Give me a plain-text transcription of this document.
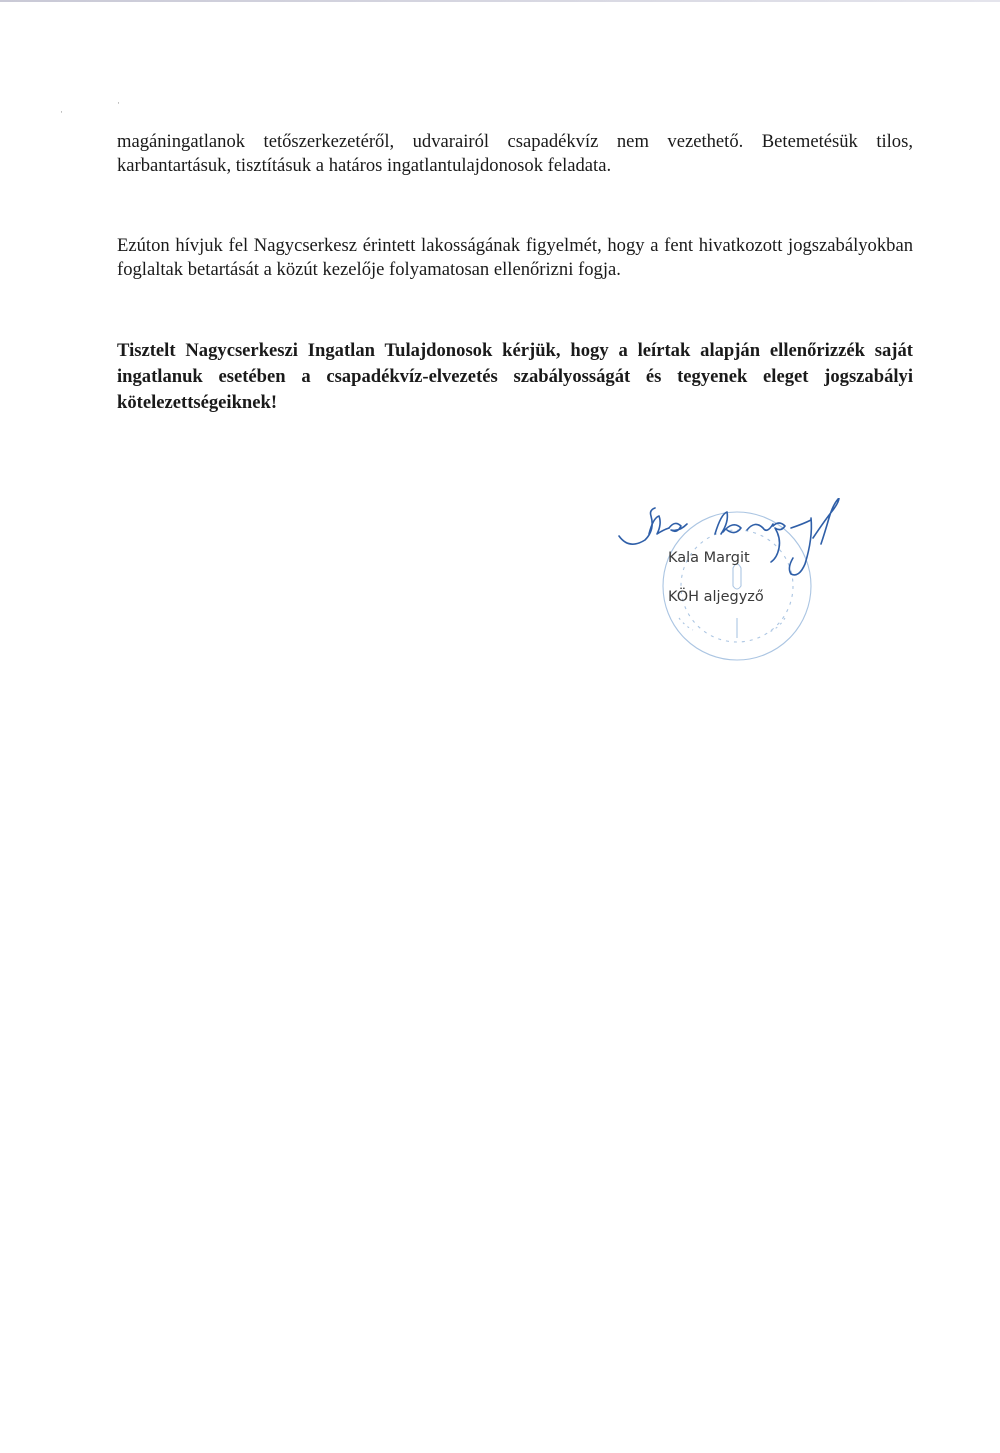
·
·

magáningatlanok tetőszerkezetéről, udvarairól csapadékvíz nem vezethető. Betemetésük tilos, karbantartásuk, tisztításuk a határos ingatlantulajdonosok feladata.

Ezúton hívjuk fel Nagycserkesz érintett lakosságának figyelmét, hogy a fent hivatkozott jogszabályokban foglaltak betartását a közút kezelője folyamatosan ellenőrizni fogja.

Tisztelt Nagycserkeszi Ingatlan Tulajdonosok kérjük, hogy a leírtak alapján ellenőrizzék saját ingatlanuk esetében a csapadékvíz-elvezetés szabályosságát és tegyenek eleget jogszabályi kötelezettségeiknek!

Kala Margit
KÖH aljegyző
